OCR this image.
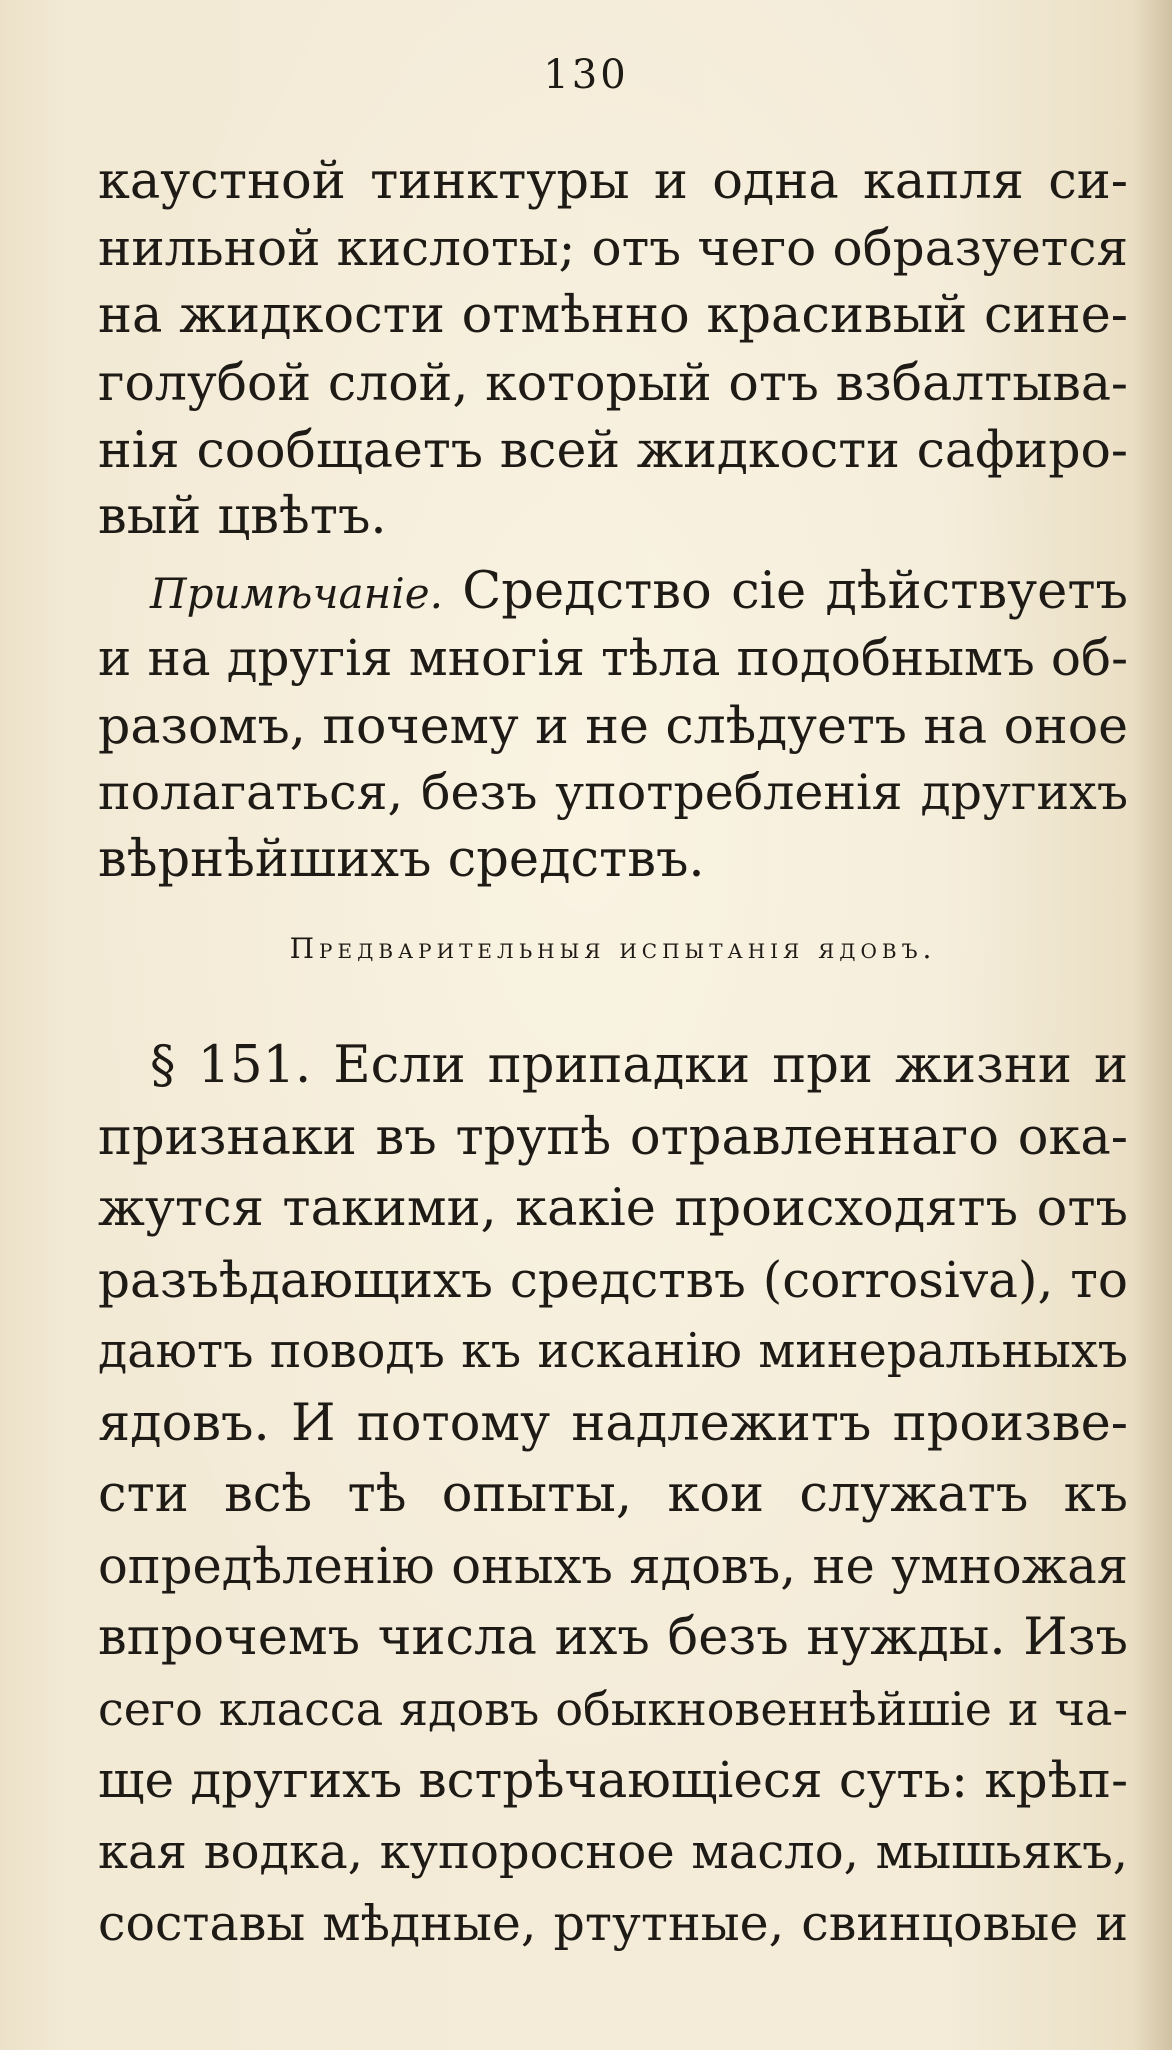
130
каустной тинктуры и одна капля си-
нильной кислоты; отъ чего образуется
на жидкости отмѣнно красивый сине-
голубой слой, который отъ взбалтыва-
нія сообщаетъ всей жидкости сафиро-
вый цвѣтъ.
Примѣчаніе. Средство сіе дѣйствуетъ
и на другія многія тѣла подобнымъ об-
разомъ, почему и не слѣдуетъ на оное
полагаться, безъ употребленія другихъ
вѣрнѣйшихъ средствъ.
Предварительныя испытанія ядовъ.
§ 151. Если припадки при жизни и
признаки въ трупѣ отравленнаго ока-
жутся такими, какіе происходятъ отъ
разъѣдающихъ средствъ (corrosiva), то
даютъ поводъ къ исканію минеральныхъ
ядовъ. И потому надлежитъ произве-
сти всѣ тѣ опыты, кои служатъ къ
опредѣленію оныхъ ядовъ, не умножая
впрочемъ числа ихъ безъ нужды. Изъ
сего класса ядовъ обыкновеннѣйшіе и ча-
ще другихъ встрѣчающіеся суть: крѣп-
кая водка, купоросное масло, мышьякъ,
составы мѣдные, ртутные, свинцовые и
